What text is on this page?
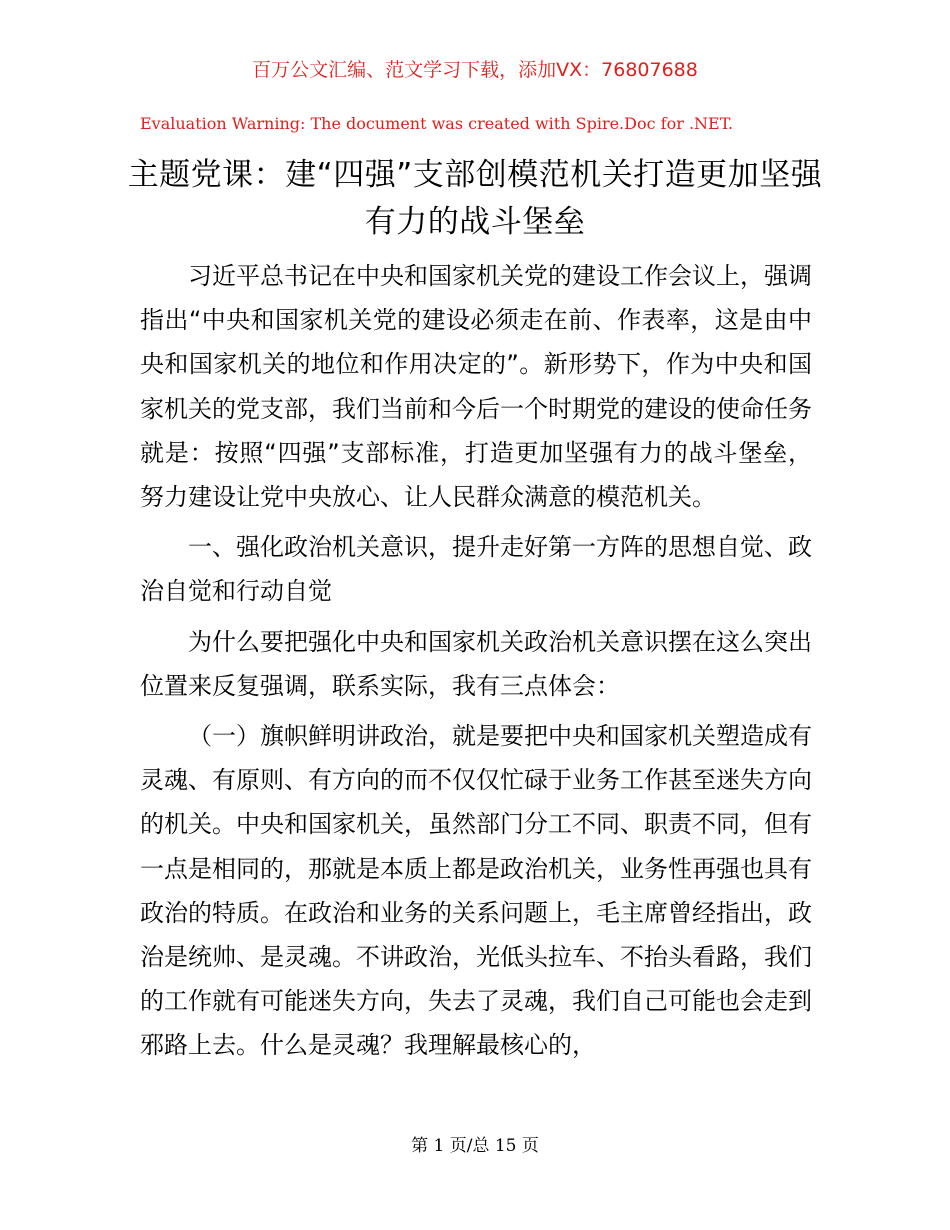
百万公文汇编、范文学习下载，添加VX：76807688
Evaluation Warning: The document was created with Spire.Doc for .NET.
主题党课：建“四强”支部创模范机关打造更加坚强有力的战斗堡垒

习近平总书记在中央和国家机关党的建设工作会议上，强调指出“中央和国家机关党的建设必须走在前、作表率，这是由中央和国家机关的地位和作用决定的”。新形势下，作为中央和国家机关的党支部，我们当前和今后一个时期党的建设的使命任务就是：按照“四强”支部标准，打造更加坚强有力的战斗堡垒，努力建设让党中央放心、让人民群众满意的模范机关。

一、强化政治机关意识，提升走好第一方阵的思想自觉、政治自觉和行动自觉

为什么要把强化中央和国家机关政治机关意识摆在这么突出位置来反复强调，联系实际，我有三点体会：

（一）旗帜鲜明讲政治，就是要把中央和国家机关塑造成有灵魂、有原则、有方向的而不仅仅忙碌于业务工作甚至迷失方向的机关。中央和国家机关，虽然部门分工不同、职责不同，但有一点是相同的，那就是本质上都是政治机关，业务性再强也具有政治的特质。在政治和业务的关系问题上，毛主席曾经指出，政治是统帅、是灵魂。不讲政治，光低头拉车、不抬头看路，我们的工作就有可能迷失方向，失去了灵魂，我们自己可能也会走到邪路上去。什么是灵魂？我理解最核心的，

第 1 页/总 15 页
